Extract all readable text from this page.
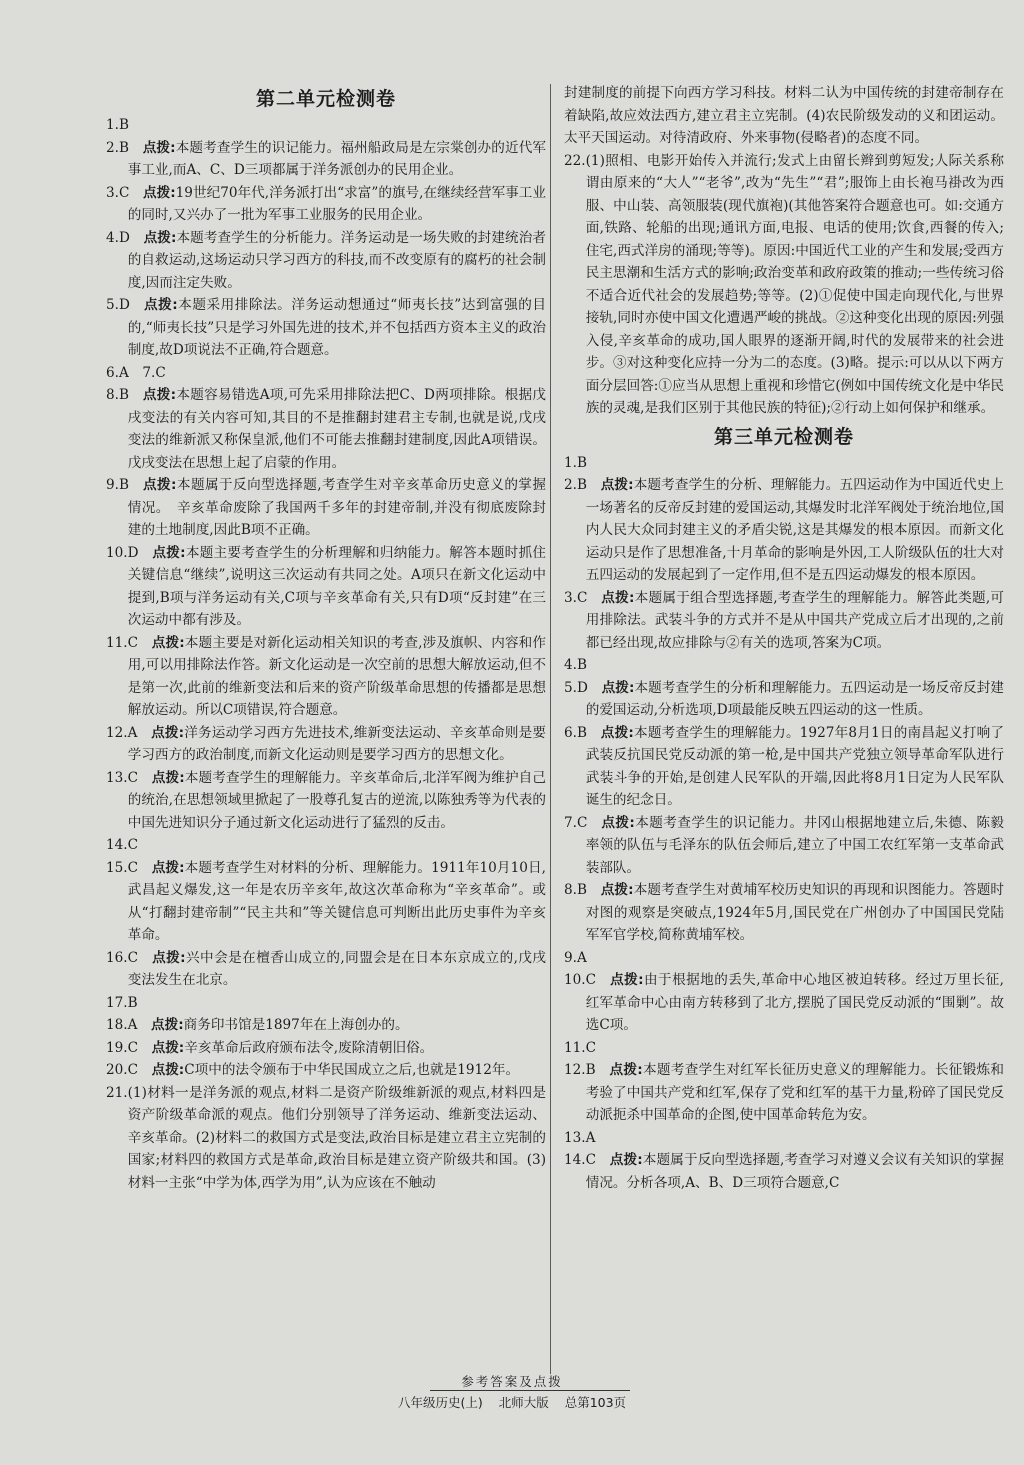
第二单元检测卷

1.B

2.B  点拨:本题考查学生的识记能力。福州船政局是左宗棠创办的近代军事工业,而A、C、D三项都属于洋务派创办的民用企业。

3.C  点拨:19世纪70年代,洋务派打出“求富”的旗号,在继续经营军事工业的同时,又兴办了一批为军事工业服务的民用企业。

4.D  点拨:本题考查学生的分析能力。洋务运动是一场失败的封建统治者的自救运动,这场运动只学习西方的科技,而不改变原有的腐朽的社会制度,因而注定失败。

5.D  点拨:本题采用排除法。洋务运动想通过“师夷长技”达到富强的目的,“师夷长技”只是学习外国先进的技术,并不包括西方资本主义的政治制度,故D项说法不正确,符合题意。

6.A　7.C

8.B  点拨:本题容易错选A项,可先采用排除法把C、D两项排除。根据戊戌变法的有关内容可知,其目的不是推翻封建君主专制,也就是说,戊戌变法的维新派又称保皇派,他们不可能去推翻封建制度,因此A项错误。戊戌变法在思想上起了启蒙的作用。

9.B  点拨:本题属于反向型选择题,考查学生对辛亥革命历史意义的掌握情况。　辛亥革命废除了我国两千多年的封建帝制,并没有彻底废除封建的土地制度,因此B项不正确。

10.D  点拨:本题主要考查学生的分析理解和归纳能力。解答本题时抓住关键信息“继续”,说明这三次运动有共同之处。A项只在新文化运动中提到,B项与洋务运动有关,C项与辛亥革命有关,只有D项“反封建”在三次运动中都有涉及。

11.C  点拨:本题主要是对新化运动相关知识的考查,涉及旗帜、内容和作用,可以用排除法作答。新文化运动是一次空前的思想大解放运动,但不是第一次,此前的维新变法和后来的资产阶级革命思想的传播都是思想解放运动。所以C项错误,符合题意。

12.A  点拨:洋务运动学习西方先进技术,维新变法运动、辛亥革命则是要学习西方的政治制度,而新文化运动则是要学习西方的思想文化。

13.C  点拨:本题考查学生的理解能力。辛亥革命后,北洋军阀为维护自己的统治,在思想领域里掀起了一股尊孔复古的逆流,以陈独秀等为代表的中国先进知识分子通过新文化运动进行了猛烈的反击。

14.C

15.C  点拨:本题考查学生对材料的分析、理解能力。1911年10月10日,武昌起义爆发,这一年是农历辛亥年,故这次革命称为“辛亥革命”。或从“打翻封建帝制”“民主共和”等关键信息可判断出此历史事件为辛亥革命。

16.C  点拨:兴中会是在檀香山成立的,同盟会是在日本东京成立的,戊戌变法发生在北京。

17.B

18.A  点拨:商务印书馆是1897年在上海创办的。

19.C  点拨:辛亥革命后政府颁布法令,废除清朝旧俗。

20.C  点拨:C项中的法令颁布于中华民国成立之后,也就是1912年。

21.(1)材料一是洋务派的观点,材料二是资产阶级维新派的观点,材料四是资产阶级革命派的观点。他们分别领导了洋务运动、维新变法运动、辛亥革命。(2)材料二的救国方式是变法,政治目标是建立君主立宪制的国家;材料四的救国方式是革命,政治目标是建立资产阶级共和国。(3)材料一主张“中学为体,西学为用”,认为应该在不触动

封建制度的前提下向西方学习科技。材料二认为中国传统的封建帝制存在着缺陷,故应效法西方,建立君主立宪制。(4)农民阶级发动的义和团运动。太平天国运动。对待清政府、外来事物(侵略者)的态度不同。

22.(1)照相、电影开始传入并流行;发式上由留长辫到剪短发;人际关系称谓由原来的“大人”“老爷”,改为“先生”“君”;服饰上由长袍马褂改为西服、中山装、高领服装(现代旗袍)(其他答案符合题意也可。如:交通方面,铁路、轮船的出现;通讯方面,电报、电话的使用;饮食,西餐的传入;住宅,西式洋房的涌现;等等)。原因:中国近代工业的产生和发展;受西方民主思潮和生活方式的影响;政治变革和政府政策的推动;一些传统习俗不适合近代社会的发展趋势;等等。(2)①促使中国走向现代化,与世界接轨,同时亦使中国文化遭遇严峻的挑战。②这种变化出现的原因:列强入侵,辛亥革命的成功,国人眼界的逐渐开阔,时代的发展带来的社会进步。③对这种变化应持一分为二的态度。(3)略。提示:可以从以下两方面分层回答:①应当从思想上重视和珍惜它(例如中国传统文化是中华民族的灵魂,是我们区别于其他民族的特征);②行动上如何保护和继承。

第三单元检测卷

1.B

2.B  点拨:本题考查学生的分析、理解能力。五四运动作为中国近代史上一场著名的反帝反封建的爱国运动,其爆发时北洋军阀处于统治地位,国内人民大众同封建主义的矛盾尖锐,这是其爆发的根本原因。而新文化运动只是作了思想准备,十月革命的影响是外因,工人阶级队伍的壮大对五四运动的发展起到了一定作用,但不是五四运动爆发的根本原因。

3.C  点拨:本题属于组合型选择题,考查学生的理解能力。解答此类题,可用排除法。武装斗争的方式并不是从中国共产党成立后才出现的,之前都已经出现,故应排除与②有关的选项,答案为C项。

4.B

5.D  点拨:本题考查学生的分析和理解能力。五四运动是一场反帝反封建的爱国运动,分析选项,D项最能反映五四运动的这一性质。

6.B  点拨:本题考查学生的理解能力。1927年8月1日的南昌起义打响了武装反抗国民党反动派的第一枪,是中国共产党独立领导革命军队进行武装斗争的开始,是创建人民军队的开端,因此将8月1日定为人民军队诞生的纪念日。

7.C  点拨:本题考查学生的识记能力。井冈山根据地建立后,朱德、陈毅率领的队伍与毛泽东的队伍会师后,建立了中国工农红军第一支革命武装部队。

8.B  点拨:本题考查学生对黄埔军校历史知识的再现和识图能力。答题时对图的观察是突破点,1924年5月,国民党在广州创办了中国国民党陆军军官学校,简称黄埔军校。

9.A

10.C  点拨:由于根据地的丢失,革命中心地区被迫转移。经过万里长征,红军革命中心由南方转移到了北方,摆脱了国民党反动派的“围剿”。故选C项。

11.C

12.B  点拨:本题考查学生对红军长征历史意义的理解能力。长征锻炼和考验了中国共产党和红军,保存了党和红军的基干力量,粉碎了国民党反动派扼杀中国革命的企图,使中国革命转危为安。

13.A

14.C  点拨:本题属于反向型选择题,考查学习对遵义会议有关知识的掌握情况。分析各项,A、B、D三项符合题意,C

参考答案及点拨
八年级历史(上) 北师大版 总第103页
